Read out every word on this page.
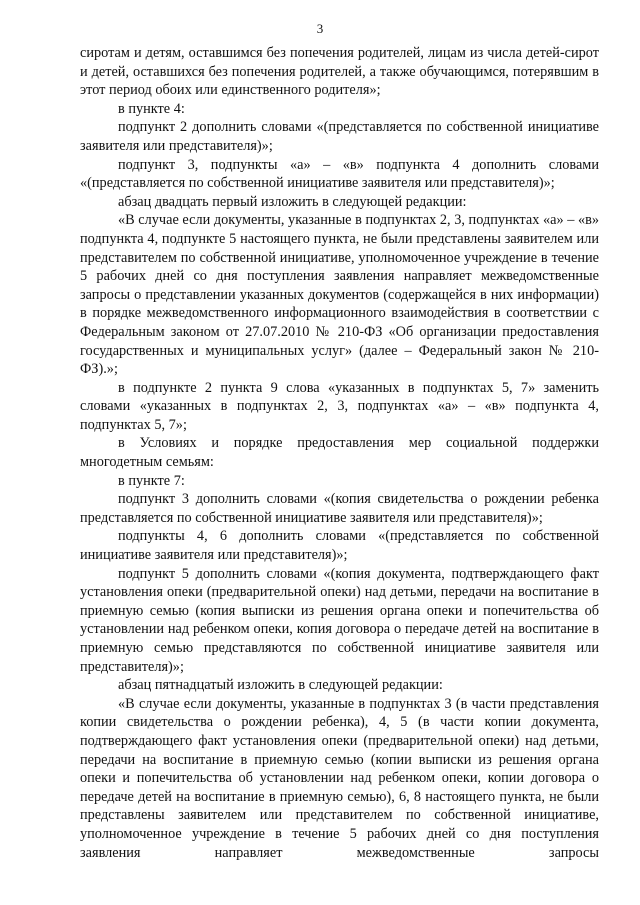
3

сиротам и детям, оставшимся без попечения родителей, лицам из числа детей-сирот и детей, оставшихся без попечения родителей, а также обучающимся, потерявшим в этот период обоих или единственного родителя»;

в пункте 4:

подпункт 2 дополнить словами «(представляется по собственной инициативе заявителя или представителя)»;

подпункт 3, подпункты «а» – «в» подпункта 4 дополнить словами «(представляется по собственной инициативе заявителя или представителя)»;

абзац двадцать первый изложить в следующей редакции:

«В случае если документы, указанные в подпунктах 2, 3, подпунктах «а» – «в» подпункта 4, подпункте 5 настоящего пункта, не были представлены заявителем или представителем по собственной инициативе, уполномоченное учреждение в течение 5 рабочих дней со дня поступления заявления направляет межведомственные запросы о представлении указанных документов (содержащейся в них информации) в порядке межведомственного информационного взаимодействия в соответствии с Федеральным законом от 27.07.2010 № 210-ФЗ «Об организации предоставления государственных и муниципальных услуг» (далее – Федеральный закон № 210-ФЗ).»;

в подпункте 2 пункта 9 слова «указанных в подпунктах 5, 7» заменить словами «указанных в подпунктах 2, 3, подпунктах «а» – «в» подпункта 4, подпунктах 5, 7»;

в Условиях и порядке предоставления мер социальной поддержки многодетным семьям:

в пункте 7:

подпункт 3 дополнить словами «(копия свидетельства о рождении ребенка представляется по собственной инициативе заявителя или представителя)»;

подпункты 4, 6 дополнить словами «(представляется по собственной инициативе заявителя или представителя)»;

подпункт 5 дополнить словами «(копия документа, подтверждающего факт установления опеки (предварительной опеки) над детьми, передачи на воспитание в приемную семью (копия выписки из решения органа опеки и попечительства об установлении над ребенком опеки, копия договора о передаче детей на воспитание в приемную семью представляются по собственной инициативе заявителя или представителя)»;

абзац пятнадцатый изложить в следующей редакции:

«В случае если документы, указанные в подпунктах 3 (в части представления копии свидетельства о рождении ребенка), 4, 5 (в части копии документа, подтверждающего факт установления опеки (предварительной опеки) над детьми, передачи на воспитание в приемную семью (копии выписки из решения органа опеки и попечительства об установлении над ребенком опеки, копии договора о передаче детей на воспитание в приемную семью), 6, 8 настоящего пункта, не были представлены заявителем или представителем по собственной инициативе, уполномоченное учреждение в течение 5 рабочих дней со дня поступления заявления направляет межведомственные запросы
